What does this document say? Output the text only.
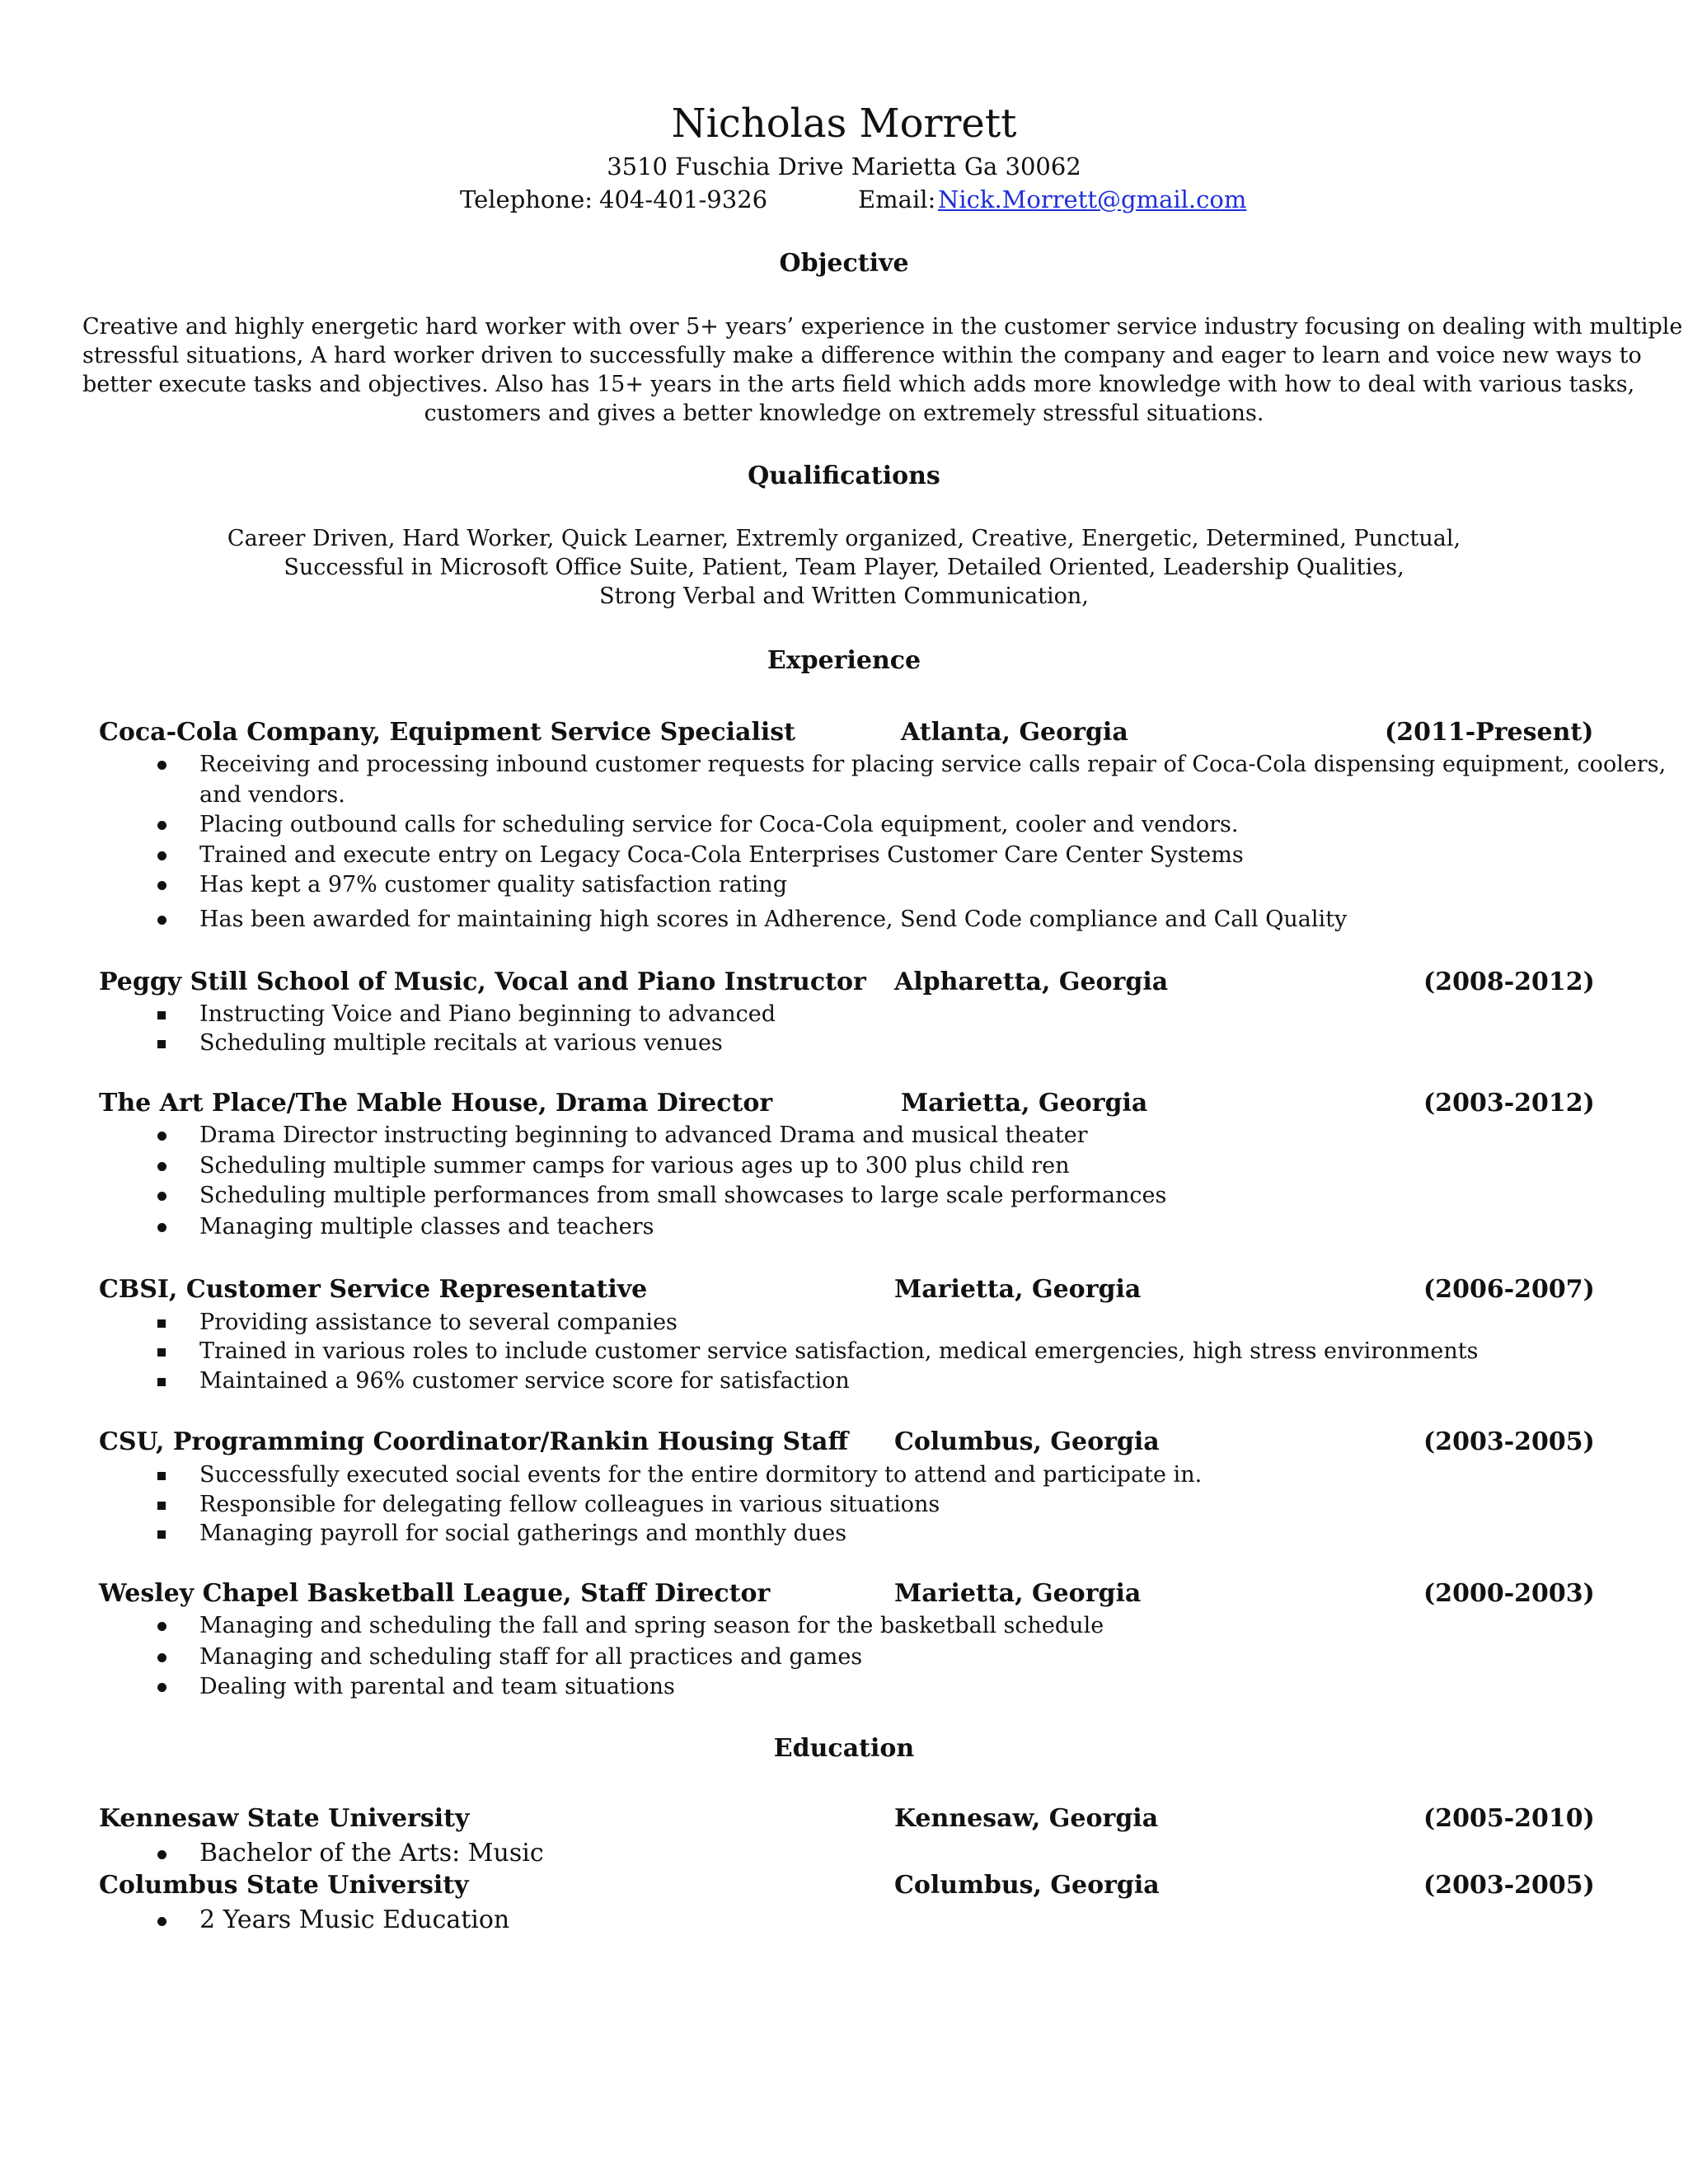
Nicholas Morrett
3510 Fuschia Drive Marietta Ga 30062
Telephone: 404-401-9326	Email: Nick.Morrett@gmail.com
Objective
Creative and highly energetic hard worker with over 5+ years’ experience in the customer service industry focusing on dealing with multiple
stressful situations, A hard worker driven to successfully make a difference within the company and eager to learn and voice new ways to
better execute tasks and objectives. Also has 15+ years in the arts field which adds more knowledge with how to deal with various tasks,
customers and gives a better knowledge on extremely stressful situations.
Qualifications
Career Driven, Hard Worker, Quick Learner, Extremly organized, Creative, Energetic, Determined, Punctual,
Successful in Microsoft Office Suite, Patient, Team Player, Detailed Oriented, Leadership Qualities,
Strong Verbal and Written Communication,
Experience
Coca-Cola Company, Equipment Service Specialist	Atlanta, Georgia	(2011-Present)
Receiving and processing inbound customer requests for placing service calls repair of Coca-Cola dispensing equipment, coolers,
and vendors.
Placing outbound calls for scheduling service for Coca-Cola equipment, cooler and vendors.
Trained and execute entry on Legacy Coca-Cola Enterprises Customer Care Center Systems
Has kept a 97% customer quality satisfaction rating
Has been awarded for maintaining high scores in Adherence, Send Code compliance and Call Quality
Peggy Still School of Music, Vocal and Piano Instructor Alpharetta, Georgia	(2008-2012)
Instructing Voice and Piano beginning to advanced
Scheduling multiple recitals at various venues
The Art Place/The Mable House, Drama Director	Marietta, Georgia	(2003-2012)
Drama Director instructing beginning to advanced Drama and musical theater
Scheduling multiple summer camps for various ages up to 300 plus child ren
Scheduling multiple performances from small showcases to large scale performances
Managing multiple classes and teachers
CBSI, Customer Service Representative	Marietta, Georgia	(2006-2007)
Providing assistance to several companies
Trained in various roles to include customer service satisfaction, medical emergencies, high stress environments
Maintained a 96% customer service score for satisfaction
CSU, Programming Coordinator/Rankin Housing Staff Columbus, Georgia	(2003-2005)
Successfully executed social events for the entire dormitory to attend and participate in.
Responsible for delegating fellow colleagues in various situations
Managing payroll for social gatherings and monthly dues
Wesley Chapel Basketball League, Staff Director	Marietta, Georgia	(2000-2003)
Managing and scheduling the fall and spring season for the basketball schedule
Managing and scheduling staff for all practices and games
Dealing with parental and team situations
Education
Kennesaw State University	Kennesaw, Georgia	(2005-2010)
Bachelor of the Arts: Music
Columbus State University	Columbus, Georgia	(2003-2005)
2 Years Music Education
